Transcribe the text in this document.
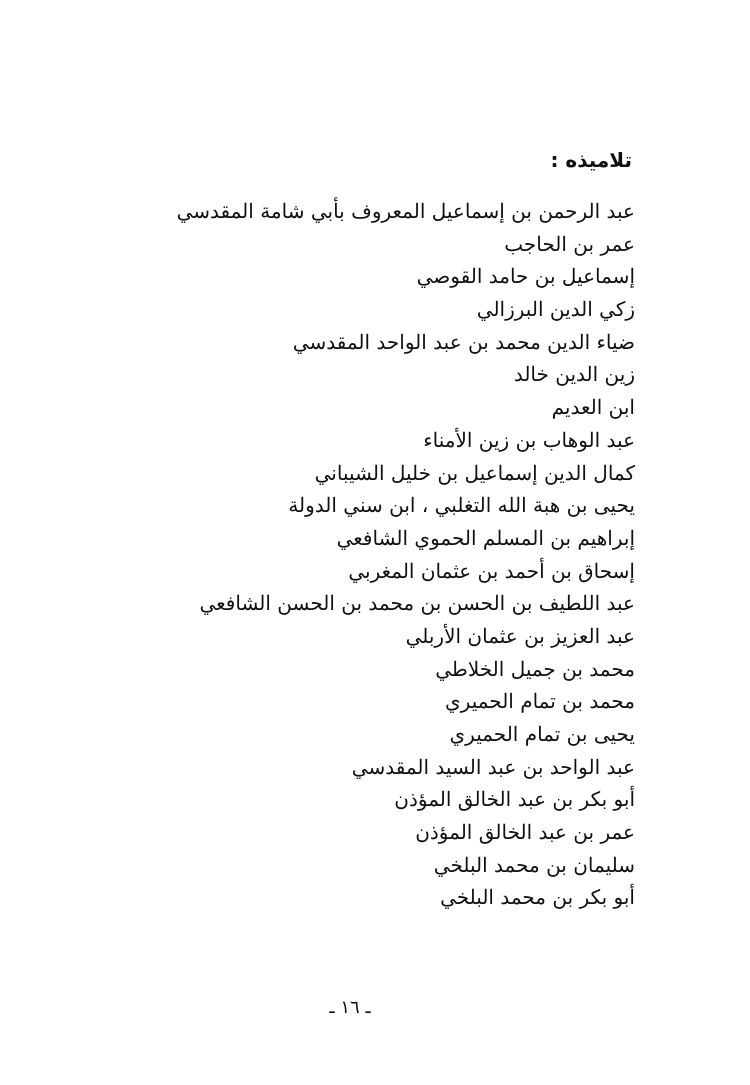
تلاميذه :
عبد الرحمن بن إسماعيل المعروف بأبي شامة المقدسي
عمر بن الحاجب
إسماعيل بن حامد القوصي
زكي الدين البرزالي
ضياء الدين محمد بن عبد الواحد المقدسي
زين الدين خالد
ابن العديم
عبد الوهاب بن زين الأمناء
كمال الدين إسماعيل بن خليل الشيباني
يحيى بن هبة الله التغلبي ، ابن سني الدولة
إبراهيم بن المسلم الحموي الشافعي
إسحاق بن أحمد بن عثمان المغربي
عبد اللطيف بن الحسن بن محمد بن الحسن الشافعي
عبد العزيز بن عثمان الأربلي
محمد بن جميل الخلاطي
محمد بن تمام الحميري
يحيى بن تمام الحميري
عبد الواحد بن عبد السيد المقدسي
أبو بكر بن عبد الخالق المؤذن
عمر بن عبد الخالق المؤذن
سليمان بن محمد البلخي
أبو بكر بن محمد البلخي
ـ ١٦ ـ
